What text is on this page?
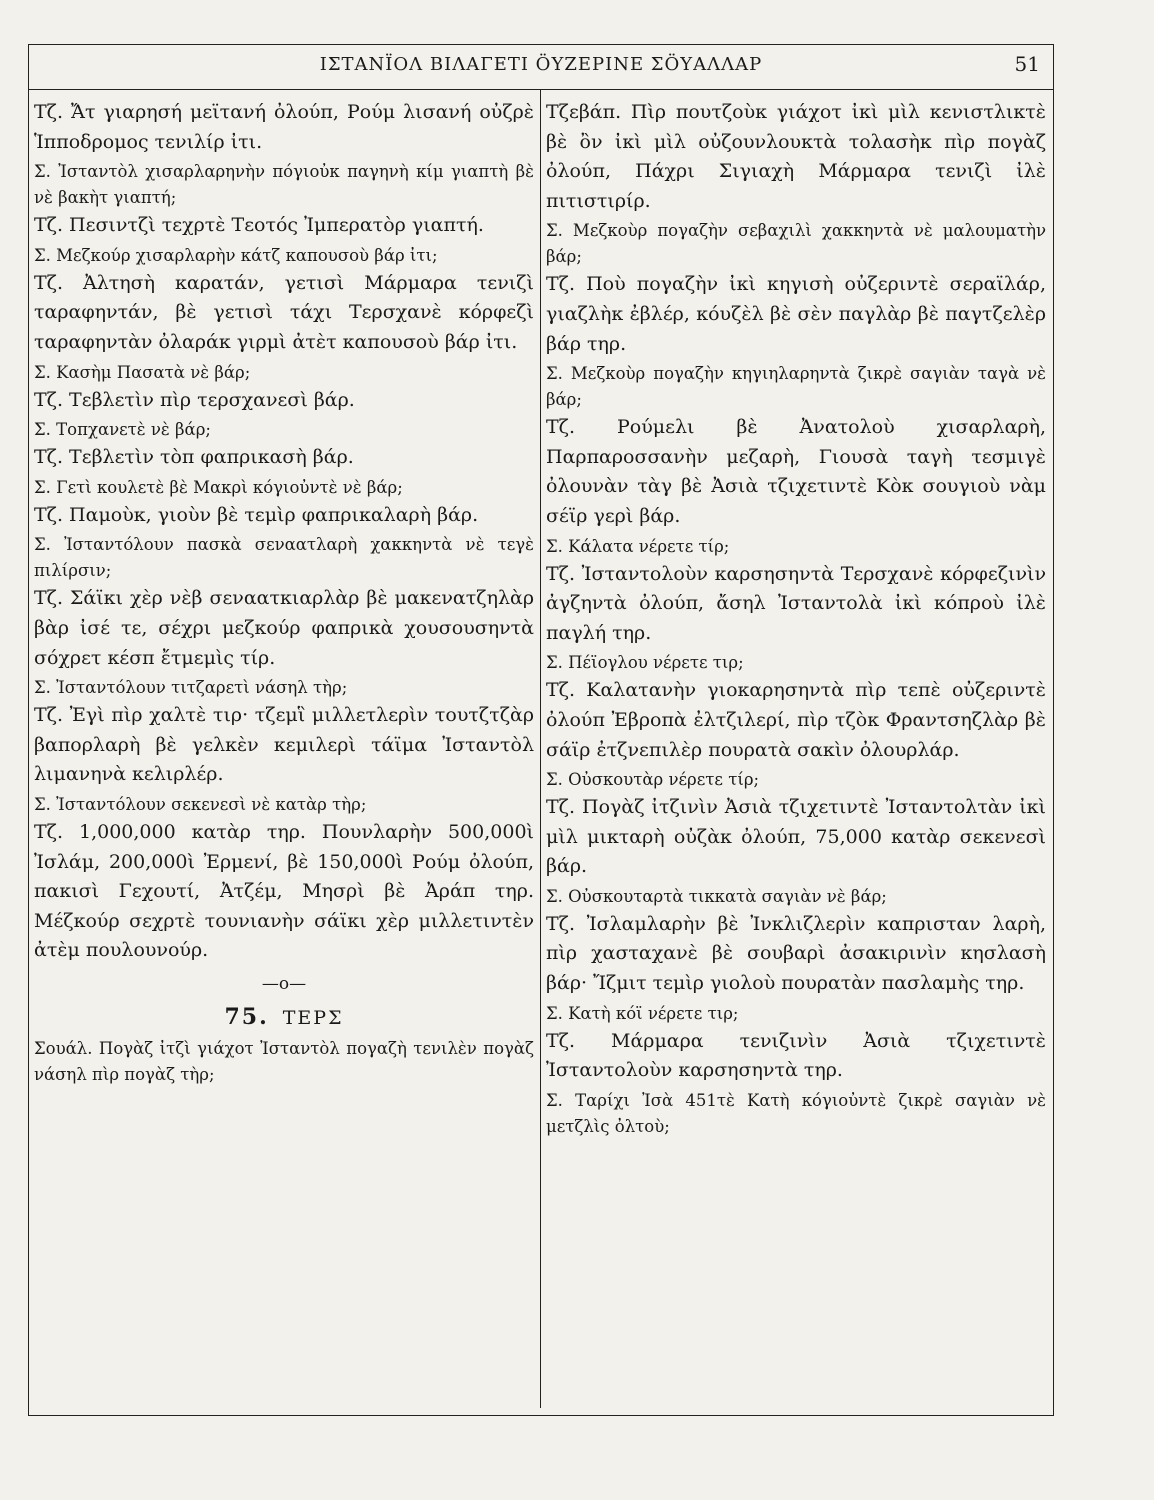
ΙΣΤΑΝΪΟΛ ΒΙΛΑΓΕΤΙ ÖΥΖΕΡΙΝΕ ΣÖΥΑΛΛΑΡ	51

Τζ. Ἄτ γιαρησή μεϊτανή ὀλούπ, Ρούμ λισανή οὐζρὲ Ἱπποδρομος τενιλίρ ἰτι.

Σ. Ἰσταντὸλ χισαρλαρηνὴν πόγιοὐκ παγηνὴ κίμ γιαπτὴ βὲ νὲ βακὴτ γιαπτή;

Τζ. Πεσιντζὶ τεχρτὲ Τεοτός Ἰμπερατὸρ γιαπτή.

Σ. Μεζκούρ χισαρλαρὴν κάτζ καπουσοὺ βάρ ἰτι;

Τζ. Ἀλτησὴ καρατάν, γετισὶ Μάρμαρα τενιζὶ ταραφηντάν, βὲ γετισὶ τάχι Τερσχανὲ κόρφεζὶ ταραφηντὰν ὀλαράκ γιρμὶ ἀτὲτ καπουσοὺ βάρ ἰτι.

Σ. Κασὴμ Πασατὰ νὲ βάρ;

Τζ. Τεβλετὶν πὶρ τερσχανεσὶ βάρ.

Σ. Τοπχανετὲ νὲ βάρ;

Τζ. Τεβλετὶν τὸπ φαπρικασὴ βάρ.

Σ. Γετὶ κουλετὲ βὲ Μακρὶ κόγιοὐντὲ νὲ βάρ;

Τζ. Παμοὺκ, γιοὺν βὲ τεμὶρ φαπρικαλαρὴ βάρ.

Σ. Ἰσταντόλουν πασκὰ σεναατλαρὴ χακκηντὰ νὲ τεγὲ πιλίρσιν;

Τζ. Σάϊκι χὲρ νὲβ σεναατκιαρλὰρ βὲ μακενατζηλὰρ βὰρ ἰσέ τε, σέχρι μεζκούρ φαπρικὰ χουσουσηντὰ σόχρετ κέσπ ἔτμεμὶς τίρ.

Σ. Ἰσταντόλουν τιτζαρετὶ νάσηλ τὴρ;

Τζ. Ἐγὶ πὶρ χαλτὲ τιρ· τζεμἳ μιλλετλερὶν τουτζτζὰρ βαπορλαρὴ βὲ γελκὲν κεμιλερὶ τάϊμα Ἰσταντὸλ λιμανηνὰ κελιρλέρ.

Σ. Ἰσταντόλουν σεκενεσὶ νὲ κατὰρ τὴρ;

Τζ. 1,000,000 κατὰρ τηρ. Πουνλαρὴν 500,000ὶ Ἰσλάμ, 200,000ὶ Ἐρμενί, βὲ 150,000ὶ Ρούμ ὀλούπ, πακισὶ Γεχουτί, Ἀτζέμ, Μησρὶ βὲ Ἀράπ τηρ. Μέζκούρ σεχρτὲ τουνιανὴν σάϊκι χὲρ μιλλετιντὲν ἀτὲμ πουλουνούρ.

—o—

75. ΤΕΡΣ

Σουάλ. Πογὰζ ἰτζὶ γιάχοτ Ἰσταντὸλ πογαζὴ τενιλὲν πογὰζ νάσηλ πὶρ πογὰζ τὴρ;

Τζεβάπ. Πὶρ πουτζοὺκ γιάχοτ ἰκὶ μὶλ κενιστλικτὲ βὲ ὂν ἰκὶ μὶλ οὐζουνλουκτὰ τολασὴκ πὶρ πογὰζ ὀλούπ, Πάχρι Σιγιαχὴ Μάρμαρα τενιζὶ ἰλὲ πιτιστιρίρ.

Σ. Μεζκοὺρ πογαζὴν σεβαχιλὶ χακκηντὰ νὲ μαλουματὴν βάρ;

Τζ. Ποὺ πογαζὴν ἰκὶ κηγισὴ οὐζεριντὲ σεραϊλάρ, γιαζλὴκ ἐβλέρ, κόυζὲλ βὲ σὲν παγλὰρ βὲ παγτζελὲρ βάρ τηρ.

Σ. Μεζκοὺρ πογαζὴν κηγιηλαρηντὰ ζικρὲ σαγιὰν ταγὰ νὲ βάρ;

Τζ. Ρούμελι βὲ Ἀνατολοὺ χισαρλαρὴ, Παρπαροσσανὴν μεζαρὴ, Γιουσὰ ταγὴ τεσμιγὲ ὀλουνὰν τὰγ βὲ Ἀσιὰ τζιχετιντὲ Κὸκ σουγιοὺ νὰμ σέϊρ γερὶ βάρ.

Σ. Κάλατα νέρετε τίρ;

Τζ. Ἰσταντολοὺν καρσησηντὰ Τερσχανὲ κόρφεζινὶν ἀγζηντὰ ὀλούπ, ἄσηλ Ἰσταντολὰ ἰκὶ κόπροὺ ἰλὲ παγλή τηρ.

Σ. Πέϊογλου νέρετε τιρ;

Τζ. Καλατανὴν γιοκαρησηντὰ πὶρ τεπὲ οὐζεριντὲ ὀλούπ Ἐβροπὰ ἐλτζιλερί, πὶρ τζὸκ Φραντσηζλὰρ βὲ σάϊρ ἐτζνεπιλὲρ πουρατὰ σακὶν ὀλουρλάρ.

Σ. Οὐσκουτὰρ νέρετε τίρ;

Τζ. Πογὰζ ἰτζινὶν Ἀσιὰ τζιχετιντὲ Ἰσταντολτὰν ἰκὶ μὶλ μικταρὴ οὐζὰκ ὀλούπ, 75,000 κατὰρ σεκενεσὶ βάρ.

Σ. Οὐσκουταρτὰ τικκατὰ σαγιὰν νὲ βάρ;

Τζ. Ἰσλαμλαρὴν βὲ Ἰνκλιζλερὶν καπρισταν λαρὴ, πὶρ χασταχανὲ βὲ σουβαρὶ ἀσακιρινὶν κησλασὴ βάρ· Ἴζμιτ τεμὶρ γιολοὺ πουρατὰν πασλαμὴς τηρ.

Σ. Κατὴ κόϊ νέρετε τιρ;

Τζ. Μάρμαρα τενιζινὶν Ἀσιὰ τζιχετιντὲ Ἰσταντολοὺν καρσησηντὰ τηρ.

Σ. Ταρίχι Ἰσὰ 451τὲ Κατὴ κόγιοὐντὲ ζικρὲ σαγιὰν νὲ μετζλὶς ὀλτοὺ;
